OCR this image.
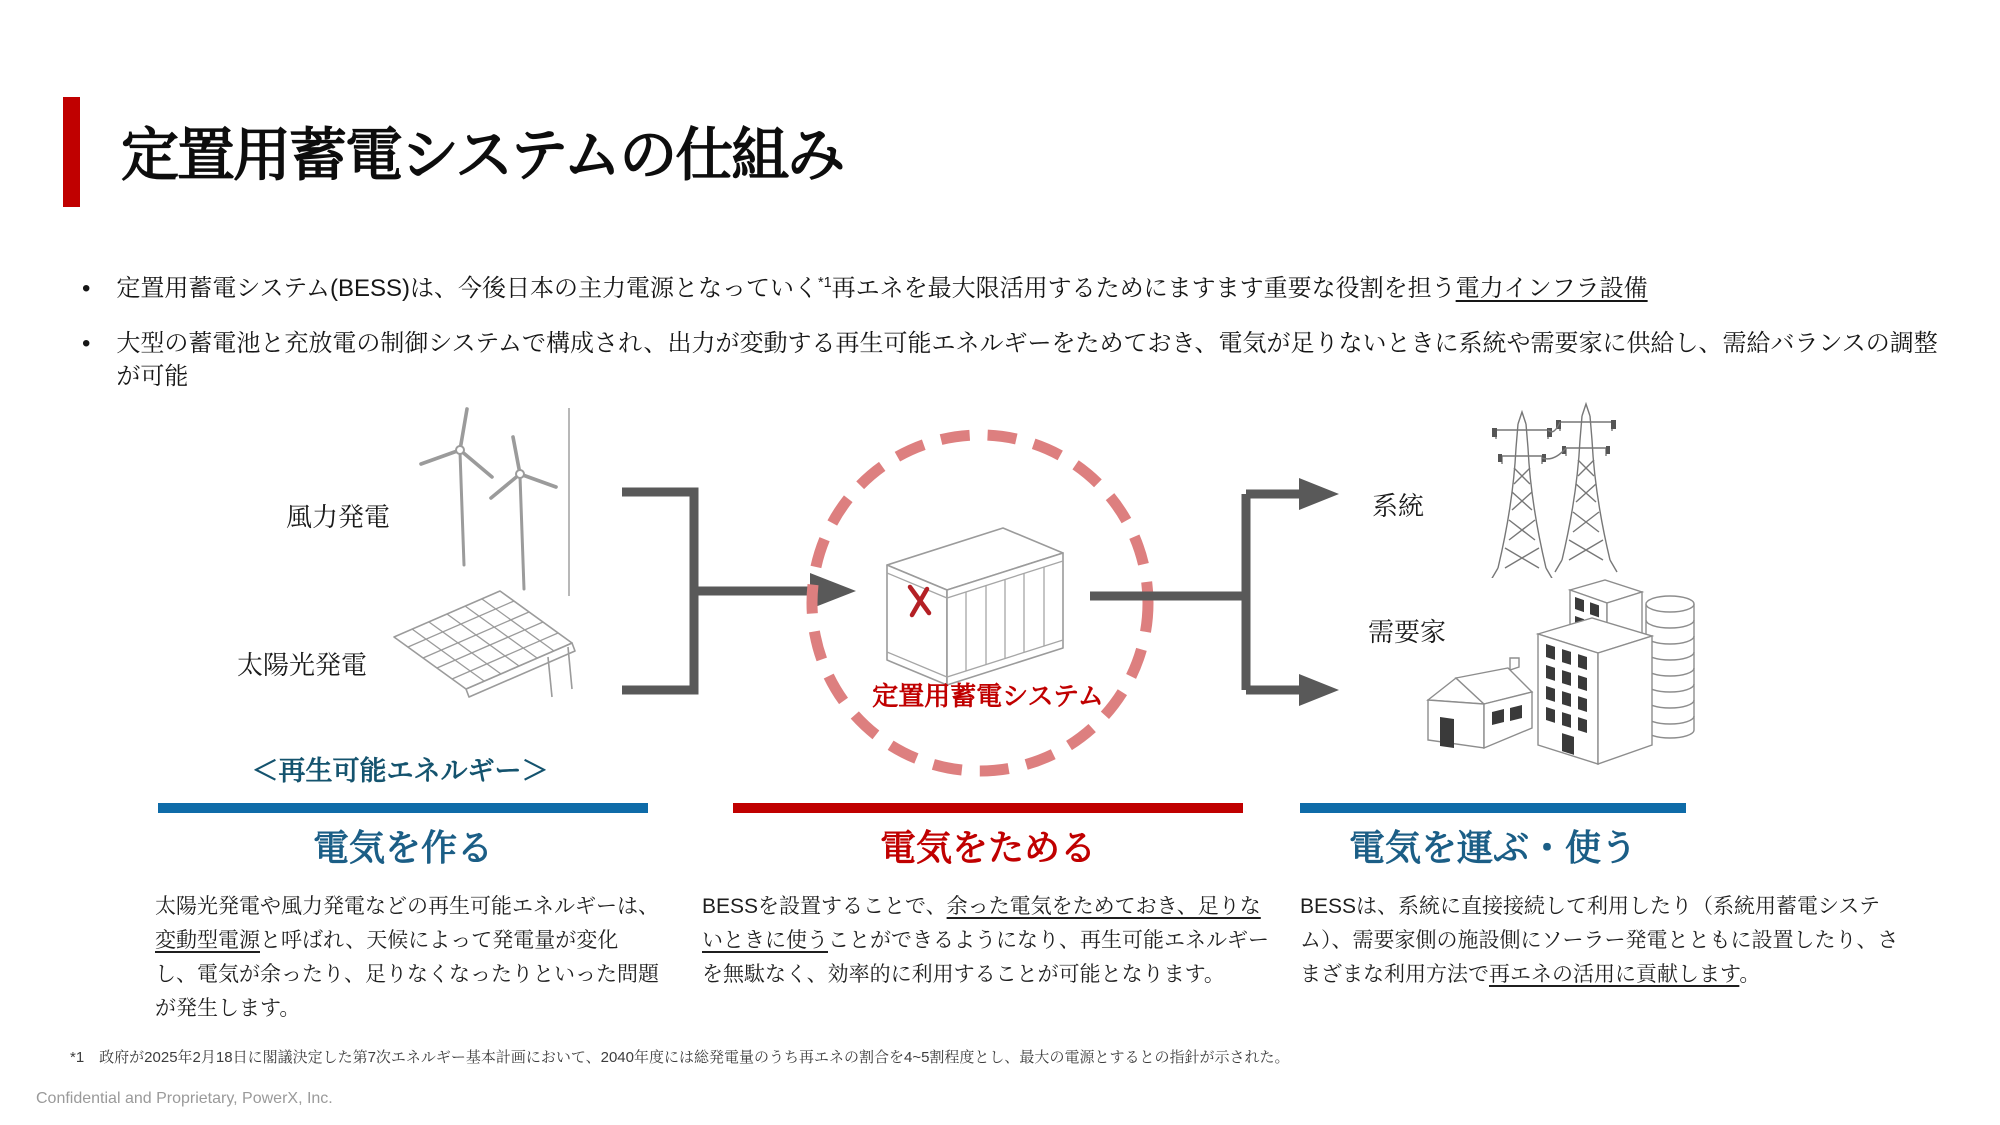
定置用蓄電システムの仕組み
• 定置用蓄電システム(BESS)は、今後日本の主力電源となっていく$^{*1}$再エネを最大限活用するためにますます重要な役割を担う電力インフラ設備
• 大型の蓄電池と充放電の制御システムで構成され、出力が変動する再生可能エネルギーをためておき、電気が足りないときに系統や需要家に供給し、需給バランスの調整が可能
風力発電
太陽光発電
＜再生可能エネルギー＞
定置用蓄電システム
系統
需要家
電気を作る	電気をためる	電気を運ぶ・使う
太陽光発電や風力発電などの再生可能エネルギーは、変動型電源と呼ばれ、天候によって発電量が変化し、電気が余ったり、足りなくなったりといった問題が発生します。
BESSを設置することで、余った電気をためておき、足りないときに使うことができるようになり、再生可能エネルギーを無駄なく、効率的に利用することが可能となります。
BESSは、系統に直接接続して利用したり（系統用蓄電システム）、需要家側の施設側にソーラー発電とともに設置したり、さまざまな利用方法で再エネの活用に貢献します。
*1　政府が2025年2月18日に閣議決定した第7次エネルギー基本計画において、2040年度には総発電量のうち再エネの割合を4~5割程度とし、最大の電源とするとの指針が示された。
Confidential and Proprietary, PowerX, Inc.
